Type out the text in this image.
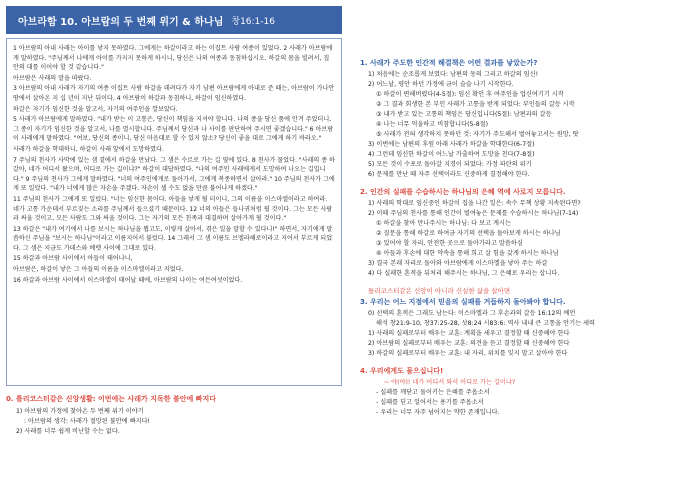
아브라함 10. 아브람의 두 번째 위기 & 하나님 창16:1-16

1 아브람의 아내 사래는 아이를 낳지 못하였다. 그에게는 하갈이라고 하는 이집트 사람 여종이 있었다. 2 사래가 아브람에게 말하였다. "주님께서 나에게 아이를 가지지 못하게 하시니, 당신은 나의 여종과 동침하십시오. 하갈의 몸을 빌려서, 집안의 대를 이어야 할 것 같습니다."

아브람은 사래의 말을 따랐다.

3 아브람의 아내 사래가 자기의 여종 이집트 사람 하갈을 데려다가 자기 남편 아브람에게 아내로 준 때는, 아브람이 가나안 땅에서 살아온 지 십 년이 지난 뒤이다. 4 아브람이 하갈과 동침하니, 하갈이 임신하였다.

하갈은 자기가 임신한 것을 알고서, 자기의 여주인을 깔보았다.

5 사래가 아브람에게 말하였다. "내가 받는 이 고통은, 당신이 책임을 지셔야 합니다. 나의 종을 당신 품에 안겨 주었더니, 그 종이 자기가 임신한 것을 알고서, 나를 멸시합니다. 주님께서 당신과 나 사이를 판단하여 주시면 좋겠습니다." 6 아브람이 사래에게 말하였다. "여보, 당신의 종이니, 당신 마음대로 할 수 있지 않소? 당신이 좋을 대로 그에게 하기 바라오."

사래가 하갈을 학대하니, 하갈이 사래 앞에서 도망하였다.

7 주님의 천사가 사막에 있는 샘 곁에서 하갈을 만났다. 그 샘은 수르로 가는 길 옆에 있다. 8 천사가 물었다. "사래의 종 하갈아, 네가 어디서 왔으며, 어디로 가는 길이냐?" 하갈이 대답하였다. "나의 여주인 사래에게서 도망하여 나오는 길입니다." 9 주님의 천사가 그에게 말하였다. "너의 여주인에게로 돌아가서, 그에게 복종하면서 살아라." 10 주님의 천사가 그에게 또 일렀다. "내가 너에게 많은 자손을 주겠다. 자손이 셀 수도 없을 만큼 불어나게 하겠다."

11 주님의 천사가 그에게 또 일렀다. "너는 임신한 몸이다. 아들을 낳게 될 터이니, 그의 이름을 이스마엘이라고 하여라. 네가 고통 가운데서 부르짖는 소리를 주님께서 들으셨기 때문이다. 12 너의 아들은 들나귀처럼 될 것이다. 그는 모든 사람과 싸울 것이고, 모든 사람도 그와 싸울 것이다. 그는 자기의 모든 친족과 대결하며 살아가게 될 것이다."

13 하갈은 "내가 여기에서 나를 보시는 하나님을 뵙고도, 이렇게 살아서, 겪은 일을 말할 수 있다니!" 하면서, 자기에게 말씀하신 주님을 "보시는 하나님"이라고 이름지어서 불렀다. 14 그래서 그 샘 이름도 브엘라해로이라고 지어서 부르게 되었다. 그 샘은 지금도 가데스와 베렛 사이에 그대로 있다.

15 하갈과 아브람 사이에서 아들이 태어나니,

아브람은, 하갈이 낳은 그 아들의 이름을 이스마엘이라고 지었다.

16 하갈과 아브람 사이에서 이스마엘이 태어날 때에, 아브람의 나이는 여든여섯이었다.

0. 틀리코스터같은 신앙생활: 이번에는 사래가 지독한 불안에 빠지다
1) 아브람의 가정에 찾아온 두 번째 위기 이야기
: 아브람의 생각: 사래가 절망된 불안에 빠지다!
2) 사래를 너무 쉽게 비난할 수는 없다.
1. 사래가 주도한 인간적 해결책은 어떤 결과를 낳았는가?
1) 처음에는 순조롭게 보였다: 남편의 동의 그리고 하갈의 임신!
2) 어느날, 평안 하던 가정에 금이 슬슬 나기 시작한다.
① 하갈이 변해버렸다(4-5절): 임신 확인 후 여주인을 업신여기기 시작
② 그 결과 회생한 본 부인 사래가 고통을 받게 되었다: 부인들의 갈등 시작
③ 내가 받고 있는 고통의 책임은 당신입니다(5절): 남편과의 갈등
④ 나는 너무 억울하고 비참합니다(5-8절)
⑤ 사래가 전혀 생각하지 못하던 것: 자기가 주도해서 벌어놓고서는 원망, 탓
3) 이번에는 남편의 후원 아래 사래가 하갈을 학대한다(6-7절)
4) 그런데 임신한 하갈이 어느날 가출하여 도망을 친다(7-8절)
5) 모든 것이 수포로 돌아갈 지경이 되었다: 가정 파탄의 위기
6) 문제를 만난 때 자주 선택이라도 신중하게 결정해야 한다.
2. 인간의 실패를 수습하시는 하나님의 은혜 역에 사로지 모릅니다.
1) 사래의 학대로 임신중인 하갈이 집을 나간 일은: 속수 무책 상황 지속된다면?
2) 이때 주님의 천사를 통해 인간이 벌여놓은 문제를 수습하시는 하나님(7-14)
① 하갈을 찾아 만나주시는 하나님: 다 보고 계시는
② 질문을 통해 하갈로 하여금 자기의 선택을 돌아보게 하시는 하나님
③ 있어야 할 자리, 안전한 곳으로 돌아가라고 말씀하심
④ 아들과 후손에 대한 약속을 통해 희고 살 힘을 갖게 하시는 하나님
3) 결국 본래 자리로 돌아와 아브람에게 이스마엘을 낳아 주는 하갈
4) 다 실패한 혼적을 뒤처리 해주시는 하나님, 그 은혜로 우리는 삽니다.
틀리코스터같은 신앙이 아니라 신실한 삶을 살아면
3. 우리는 어느 지점에서 믿음의 실패를 거듭하지 돌아봐야 합니다.
0) 선택의 혼적은 그래도 남는다: 이스마엘과 그 후손과의 갈등 16:12의 예언
해석 창21:9-10, 창37:25-28, 삿8:24 시83:6: 역사 내내 큰 고통을 안기는 세력
1) 사래의 실패로부터 배우는 교훈: 계획을 세우고 결정할 때 신중해야 한다
2) 아브람의 실패로부터 배우는 교훈: 의견을 듣고 결정할 때 신중해야 한다
3) 하갈의 실패로부터 배우는 교훈: 내 자리, 위치를 잊지 말고 살아야 한다
4. 우리에게도 물으십니다!
~ 야(야)! 네가 어디서 와서 어디로 가는 길이냐?
- 실패를 깨닫고 돌이키는 은혜를 주옵소서
- 실패를 딛고 일어서는 용기를 주옵소서
- 우리는 너무 자주 넘어지는 약한 존재입니다.
